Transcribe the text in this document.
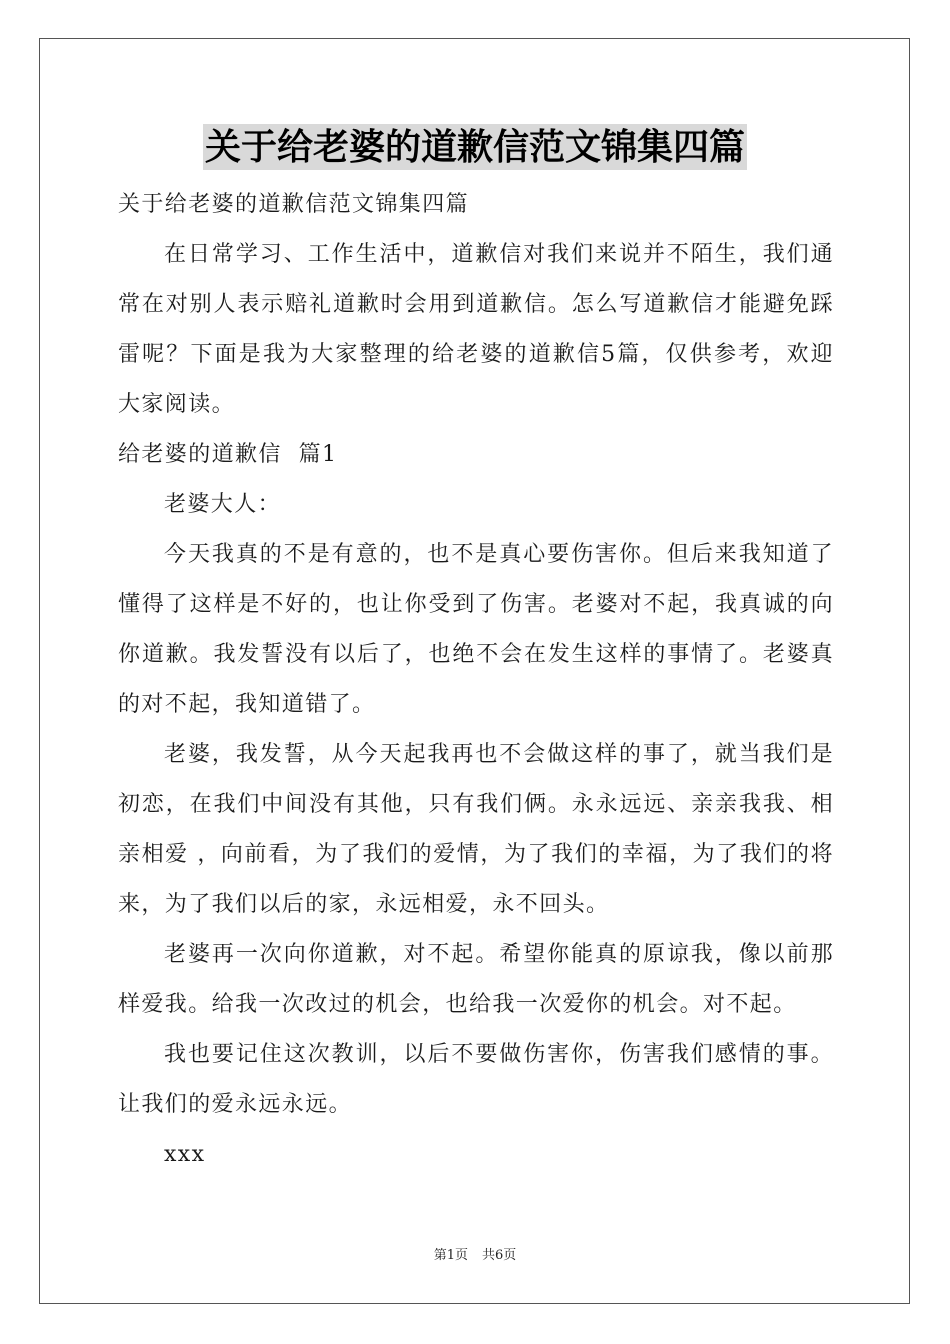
关于给老婆的道歉信范文锦集四篇

关于给老婆的道歉信范文锦集四篇

在日常学习、工作生活中，道歉信对我们来说并不陌生，我们通常在对别人表示赔礼道歉时会用到道歉信。怎么写道歉信才能避免踩雷呢？下面是我为大家整理的给老婆的道歉信5篇，仅供参考，欢迎大家阅读。

给老婆的道歉信  篇1

老婆大人：

今天我真的不是有意的，也不是真心要伤害你。但后来我知道了懂得了这样是不好的，也让你受到了伤害。老婆对不起，我真诚的向你道歉。我发誓没有以后了，也绝不会在发生这样的事情了。老婆真的对不起，我知道错了。

老婆，我发誓，从今天起我再也不会做这样的事了，就当我们是初恋，在我们中间没有其他，只有我们俩。永永远远、亲亲我我、相亲相爱 ，向前看，为了我们的爱情，为了我们的幸福，为了我们的将来，为了我们以后的家，永远相爱，永不回头。

老婆再一次向你道歉，对不起。希望你能真的原谅我，像以前那样爱我。给我一次改过的机会，也给我一次爱你的机会。对不起。

我也要记住这次教训，以后不要做伤害你，伤害我们感情的事。让我们的爱永远永远。

xxx

第1页 共6页
